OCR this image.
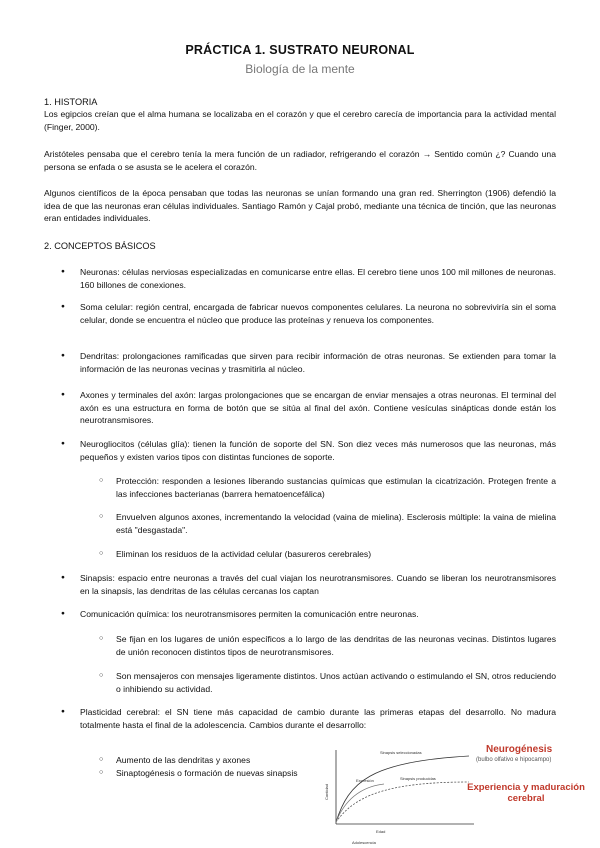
PRÁCTICA 1. SUSTRATO NEURONAL
Biología de la mente
1. HISTORIA
Los egipcios creían que el alma humana se localizaba en el corazón y que el cerebro carecía de importancia para la actividad mental (Finger, 2000).
Aristóteles pensaba que el cerebro tenía la mera función de un radiador, refrigerando el corazón → Sentido común ¿? Cuando una persona se enfada o se asusta se le acelera el corazón.
Algunos científicos de la época pensaban que todas las neuronas se unían formando una gran red. Sherrington (1906) defendió la idea de que las neuronas eran células individuales. Santiago Ramón y Cajal probó, mediante una técnica de tinción, que las neuronas eran entidades individuales.
2. CONCEPTOS BÁSICOS
● Neuronas: células nerviosas especializadas en comunicarse entre ellas. El cerebro tiene unos 100 mil millones de neuronas. 160 billones de conexiones.
● Soma celular: región central, encargada de fabricar nuevos componentes celulares. La neurona no sobreviviría sin el soma celular, donde se encuentra el núcleo que produce las proteínas y renueva los componentes.
● Dendritas: prolongaciones ramificadas que sirven para recibir información de otras neuronas. Se extienden para tomar la información de las neuronas vecinas y trasmitirla al núcleo.
● Axones y terminales del axón: largas prolongaciones que se encargan de enviar mensajes a otras neuronas. El terminal del axón es una estructura en forma de botón que se sitúa al final del axón. Contiene vesículas sinápticas donde están los neurotransmisores.
● Neurogliocitos (células glía): tienen la función de soporte del SN. Son diez veces más numerosos que las neuronas, más pequeños y existen varios tipos con distintas funciones de soporte.
○ Protección: responden a lesiones liberando sustancias químicas que estimulan la cicatrización. Protegen frente a las infecciones bacterianas (barrera hematoencefálica)
○ Envuelven algunos axones, incrementando la velocidad (vaina de mielina). Esclerosis múltiple: la vaina de mielina está "desgastada".
○ Eliminan los residuos de la actividad celular (basureros cerebrales)
● Sinapsis: espacio entre neuronas a través del cual viajan los neurotransmisores. Cuando se liberan los neurotransmisores en la sinapsis, las dendritas de las células cercanas los captan
● Comunicación química: los neurotransmisores permiten la comunicación entre neuronas.
○ Se fijan en los lugares de unión específicos a lo largo de las dendritas de las neuronas vecinas. Distintos lugares de unión reconocen distintos tipos de neurotransmisores.
○ Son mensajeros con mensajes ligeramente distintos. Unos actúan activando o estimulando el SN, otros reduciendo o inhibiendo su actividad.
● Plasticidad cerebral: el SN tiene más capacidad de cambio durante las primeras etapas del desarrollo. No madura totalmente hasta el final de la adolescencia. Cambios durante el desarrollo:
○ Aumento de las dendritas y axones
○ Sinaptogénesis o formación de nuevas sinapsis
Sinapsis seleccionadas
Sinapsis producidas
Expresión
Cantidad
Edad
Adolescencia
Neurogénesis
(bulbo olfativo e hipocampo)
Experiencia y maduración cerebral
